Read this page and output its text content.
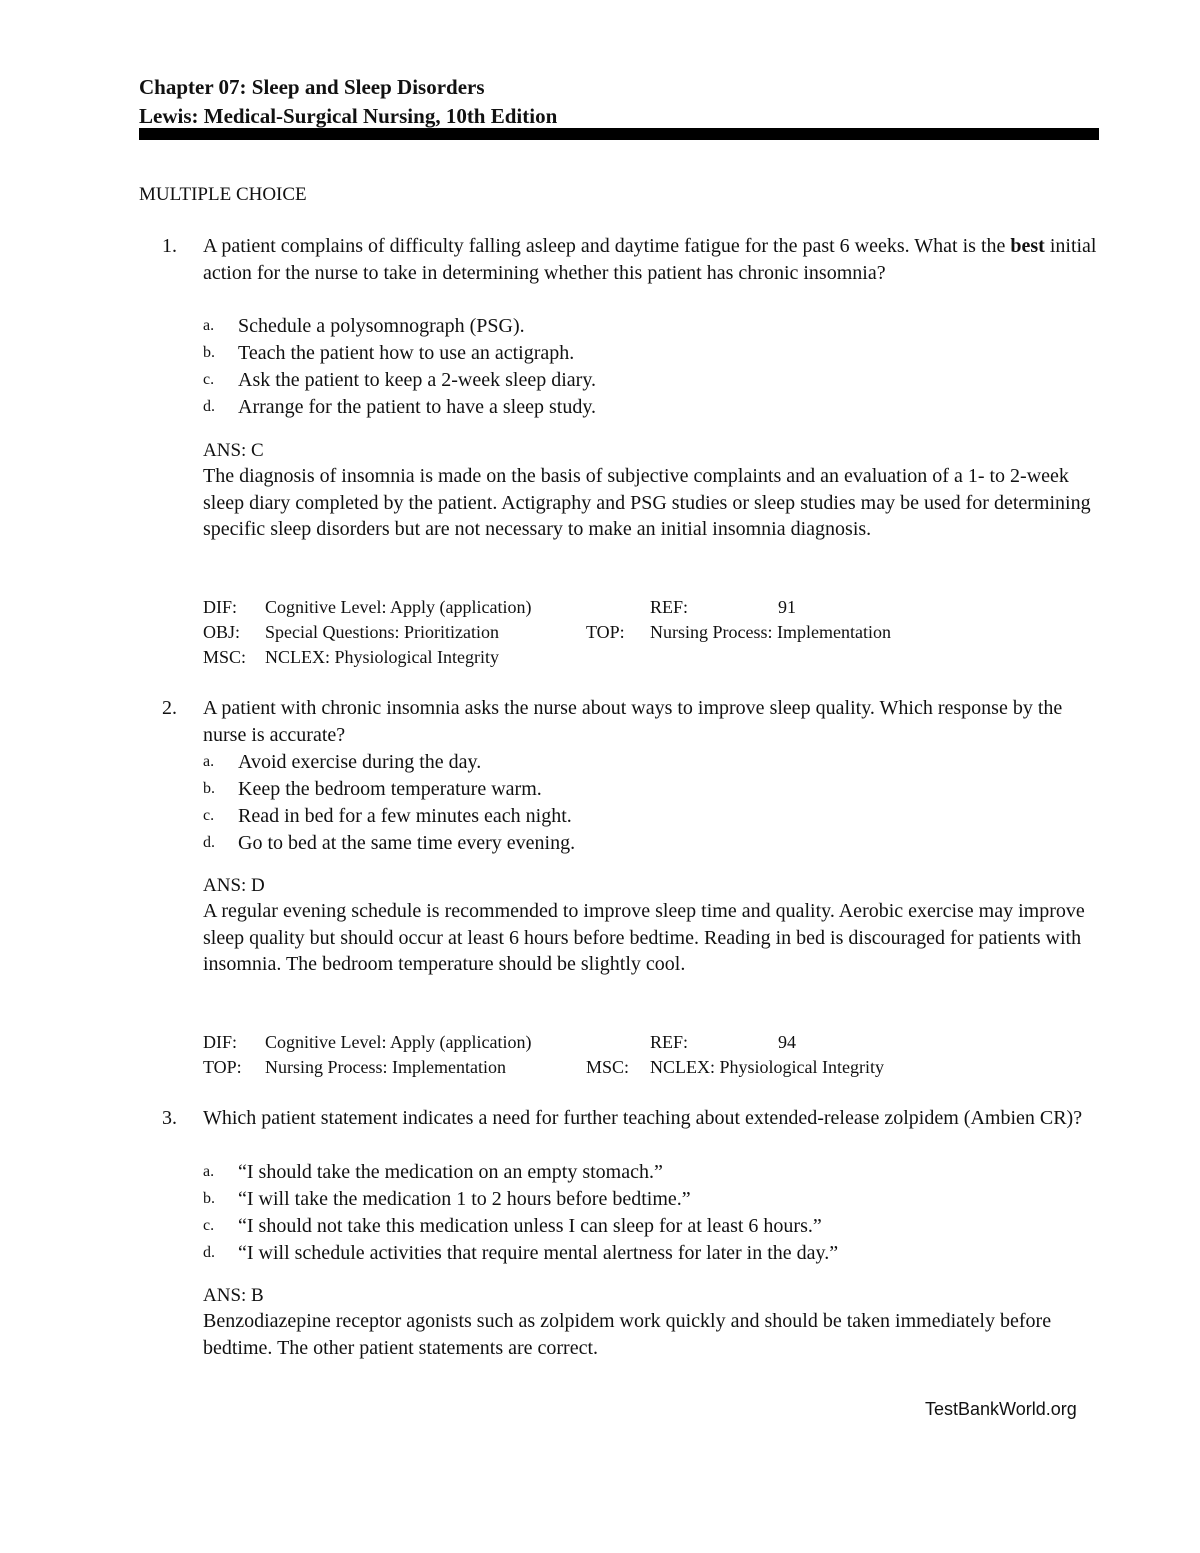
Chapter 07: Sleep and Sleep Disorders
Lewis: Medical-Surgical Nursing, 10th Edition
MULTIPLE CHOICE
1. A patient complains of difficulty falling asleep and daytime fatigue for the past 6 weeks. What is the best initial action for the nurse to take in determining whether this patient has chronic insomnia?
a. Schedule a polysomnograph (PSG).
b. Teach the patient how to use an actigraph.
c. Ask the patient to keep a 2-week sleep diary.
d. Arrange for the patient to have a sleep study.
ANS: C
The diagnosis of insomnia is made on the basis of subjective complaints and an evaluation of a 1- to 2-week sleep diary completed by the patient. Actigraphy and PSG studies or sleep studies may be used for determining specific sleep disorders but are not necessary to make an initial insomnia diagnosis.
DIF: Cognitive Level: Apply (application)	REF:	91
OBJ: Special Questions: Prioritization	TOP: Nursing Process: Implementation
MSC: NCLEX: Physiological Integrity
2. A patient with chronic insomnia asks the nurse about ways to improve sleep quality. Which response by the nurse is accurate?
a. Avoid exercise during the day.
b. Keep the bedroom temperature warm.
c. Read in bed for a few minutes each night.
d. Go to bed at the same time every evening.
ANS: D
A regular evening schedule is recommended to improve sleep time and quality. Aerobic exercise may improve sleep quality but should occur at least 6 hours before bedtime. Reading in bed is discouraged for patients with insomnia. The bedroom temperature should be slightly cool.
DIF: Cognitive Level: Apply (application)	REF:	94
TOP: Nursing Process: Implementation	MSC: NCLEX: Physiological Integrity
3. Which patient statement indicates a need for further teaching about extended-release zolpidem (Ambien CR)?
a. “I should take the medication on an empty stomach.”
b. “I will take the medication 1 to 2 hours before bedtime.”
c. “I should not take this medication unless I can sleep for at least 6 hours.”
d. “I will schedule activities that require mental alertness for later in the day.”
ANS: B
Benzodiazepine receptor agonists such as zolpidem work quickly and should be taken immediately before bedtime. The other patient statements are correct.
TestBankWorld.org
